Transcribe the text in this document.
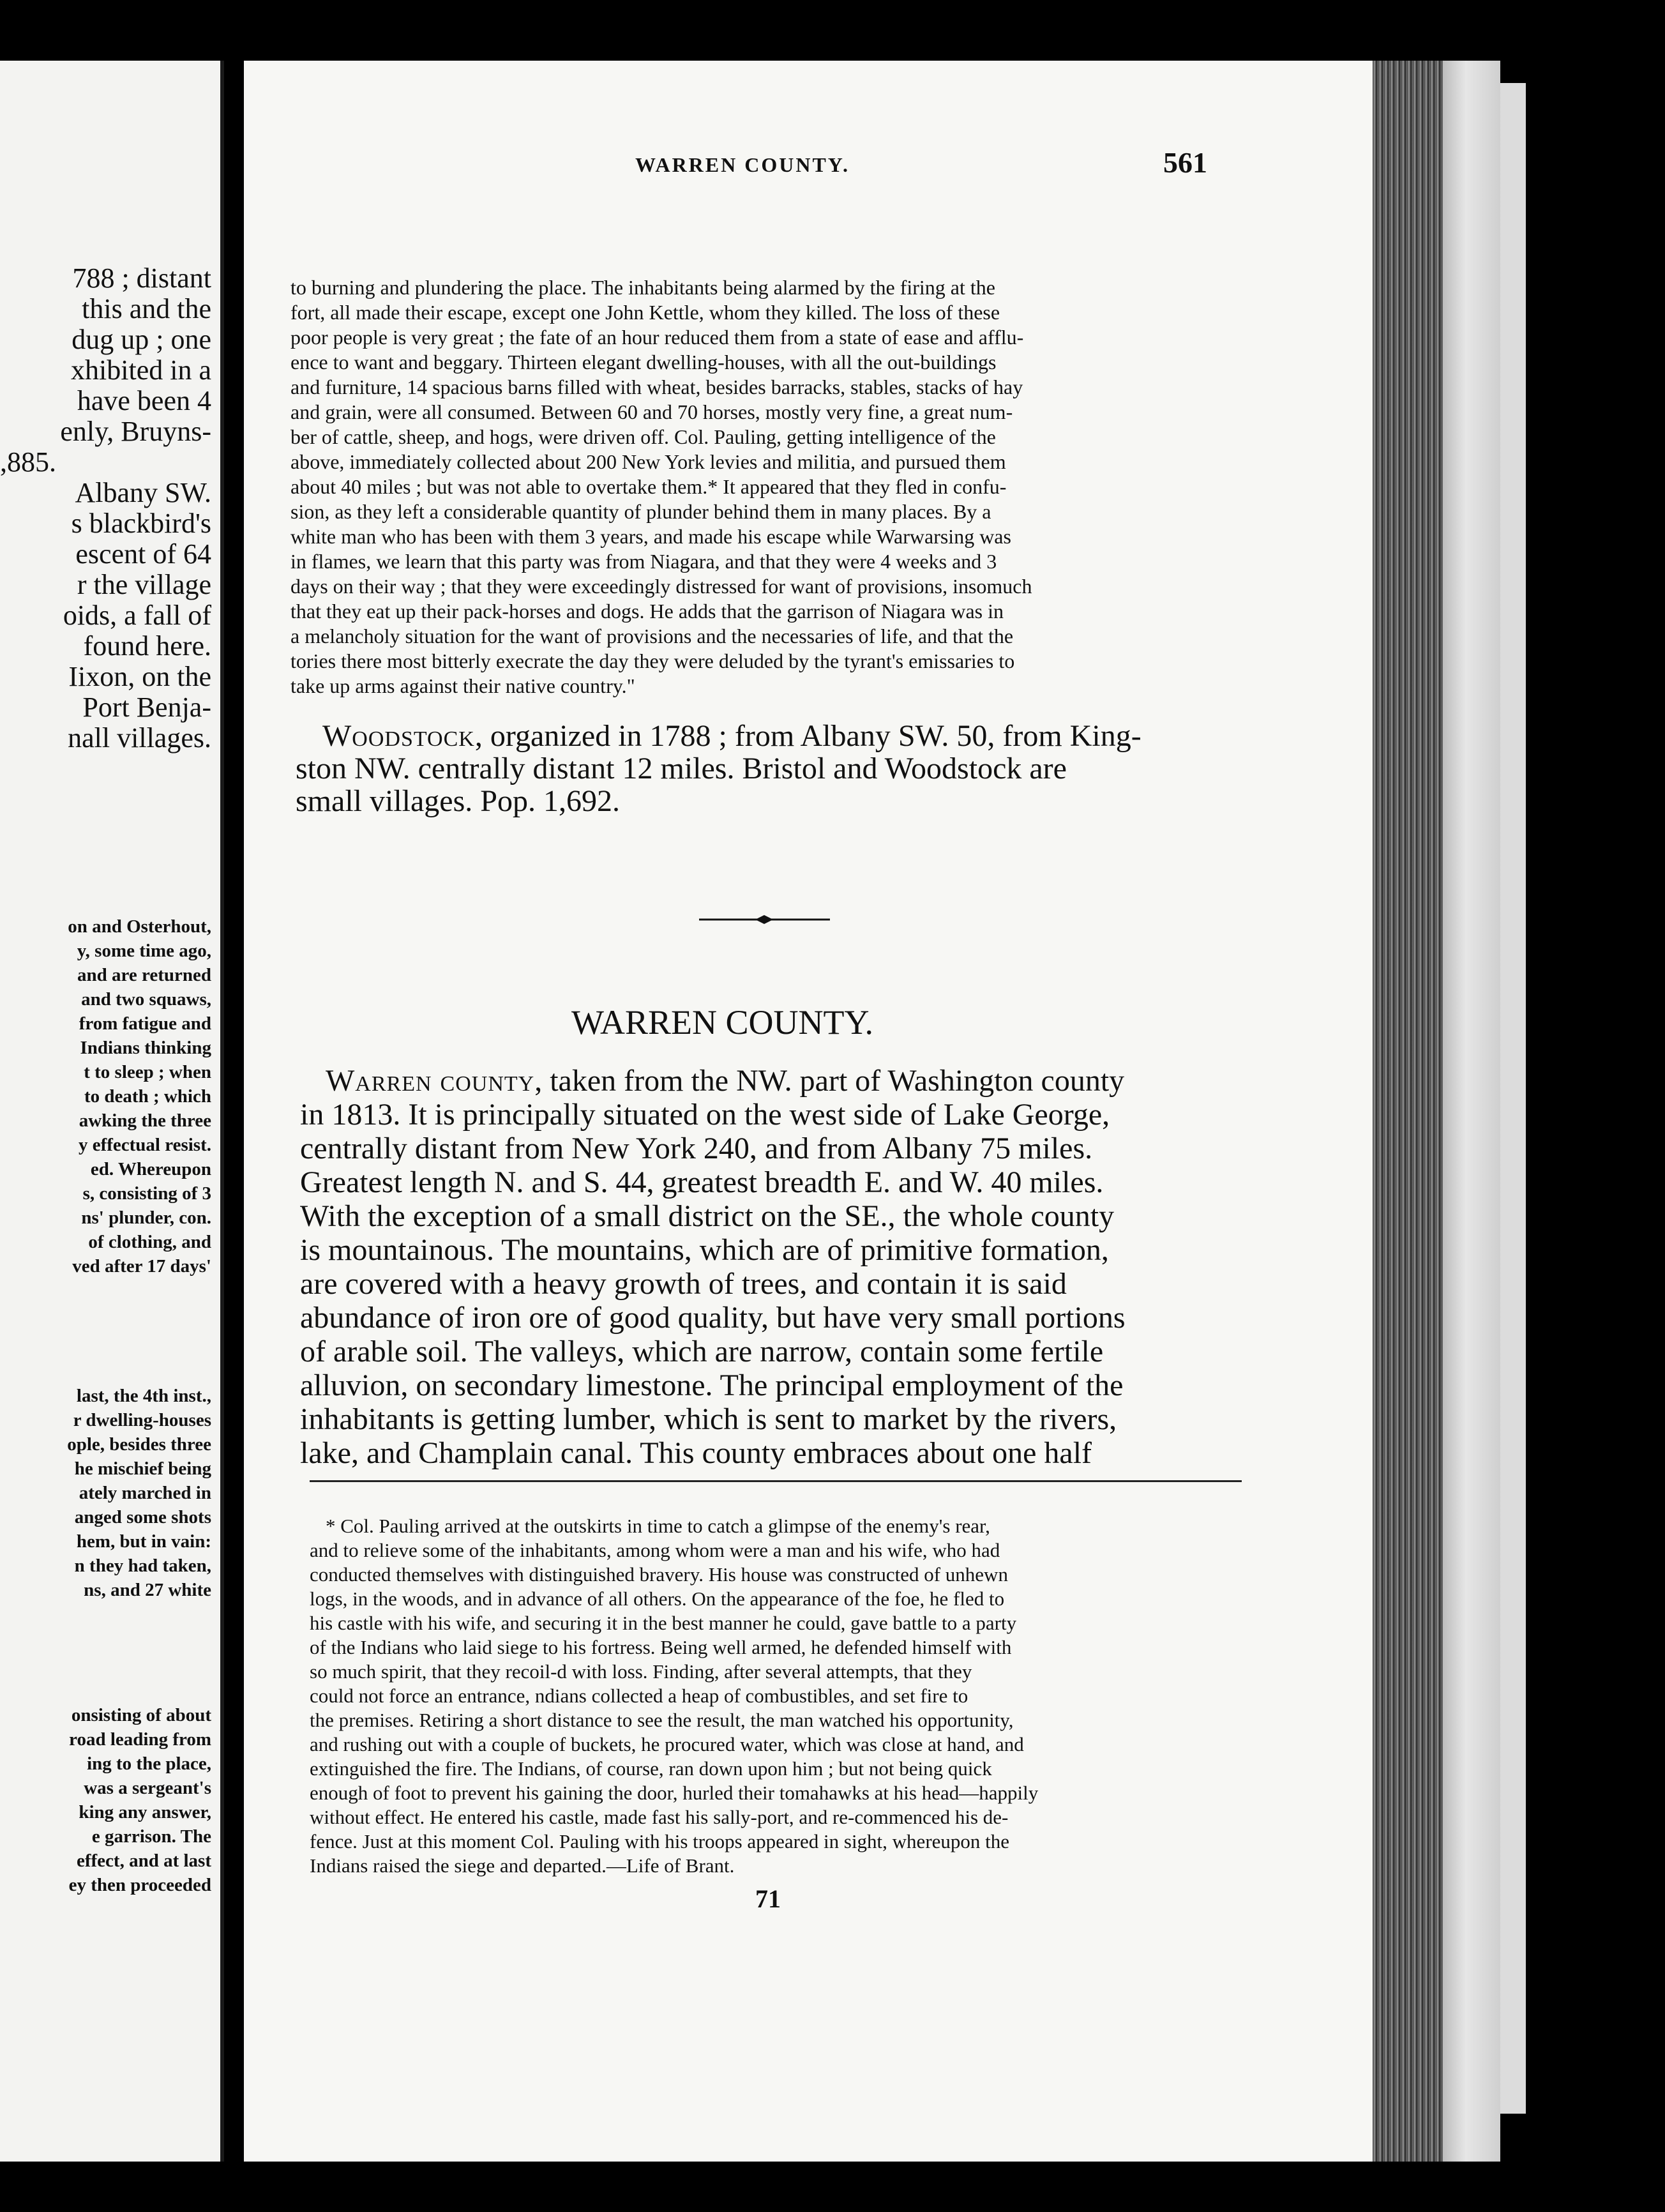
788 ; distant
this and the
dug up ; one
xhibited in a
have been 4
enly, Bruyns-
,885.
Albany SW.
s blackbird's
escent of 64
r the village
oids, a fall of
found here.
Iixon, on the
Port Benja-
nall villages.
on and Osterhout,
y, some time ago,
and are returned
and two squaws,
from fatigue and
Indians thinking
t to sleep ; when
to death ; which
awking the three
y effectual resist.
ed. Whereupon
s, consisting of 3
ns' plunder, con.
of clothing, and
ved after 17 days'
last, the 4th inst.,
r dwelling-houses
ople, besides three
he mischief being
ately marched in
anged some shots
hem, but in vain:
n they had taken,
ns, and 27 white
onsisting of about
road leading from
ing to the place,
was a sergeant's
king any answer,
e garrison. The
effect, and at last
ey then proceeded
WARREN COUNTY.	561
to burning and plundering the place. The inhabitants being alarmed by the firing at the
fort, all made their escape, except one John Kettle, whom they killed. The loss of these
poor people is very great ; the fate of an hour reduced them from a state of ease and afflu-
ence to want and beggary. Thirteen elegant dwelling-houses, with all the out-buildings
and furniture, 14 spacious barns filled with wheat, besides barracks, stables, stacks of hay
and grain, were all consumed. Between 60 and 70 horses, mostly very fine, a great num-
ber of cattle, sheep, and hogs, were driven off. Col. Pauling, getting intelligence of the
above, immediately collected about 200 New York levies and militia, and pursued them
about 40 miles ; but was not able to overtake them.* It appeared that they fled in confu-
sion, as they left a considerable quantity of plunder behind them in many places. By a
white man who has been with them 3 years, and made his escape while Warwarsing was
in flames, we learn that this party was from Niagara, and that they were 4 weeks and 3
days on their way ; that they were exceedingly distressed for want of provisions, insomuch
that they eat up their pack-horses and dogs. He adds that the garrison of Niagara was in
a melancholy situation for the want of provisions and the necessaries of life, and that the
tories there most bitterly execrate the day they were deluded by the tyrant's emissaries to
take up arms against their native country."
Woodstock, organized in 1788 ; from Albany SW. 50, from King-
ston NW. centrally distant 12 miles. Bristol and Woodstock are
small villages. Pop. 1,692.
WARREN COUNTY.
Warren county, taken from the NW. part of Washington county
in 1813. It is principally situated on the west side of Lake George,
centrally distant from New York 240, and from Albany 75 miles.
Greatest length N. and S. 44, greatest breadth E. and W. 40 miles.
With the exception of a small district on the SE., the whole county
is mountainous. The mountains, which are of primitive formation,
are covered with a heavy growth of trees, and contain it is said
abundance of iron ore of good quality, but have very small portions
of arable soil. The valleys, which are narrow, contain some fertile
alluvion, on secondary limestone. The principal employment of the
inhabitants is getting lumber, which is sent to market by the rivers,
lake, and Champlain canal. This county embraces about one half
* Col. Pauling arrived at the outskirts in time to catch a glimpse of the enemy's rear,
and to relieve some of the inhabitants, among whom were a man and his wife, who had
conducted themselves with distinguished bravery. His house was constructed of unhewn
logs, in the woods, and in advance of all others. On the appearance of the foe, he fled to
his castle with his wife, and securing it in the best manner he could, gave battle to a party
of the Indians who laid siege to his fortress. Being well armed, he defended himself with
so much spirit, that they recoil-d with loss. Finding, after several attempts, that they
could not force an entrance, ndians collected a heap of combustibles, and set fire to
the premises. Retiring a short distance to see the result, the man watched his opportunity,
and rushing out with a couple of buckets, he procured water, which was close at hand, and
extinguished the fire. The Indians, of course, ran down upon him ; but not being quick
enough of foot to prevent his gaining the door, hurled their tomahawks at his head—happily
without effect. He entered his castle, made fast his sally-port, and re-commenced his de-
fence. Just at this moment Col. Pauling with his troops appeared in sight, whereupon the
Indians raised the siege and departed.—Life of Brant.
71
